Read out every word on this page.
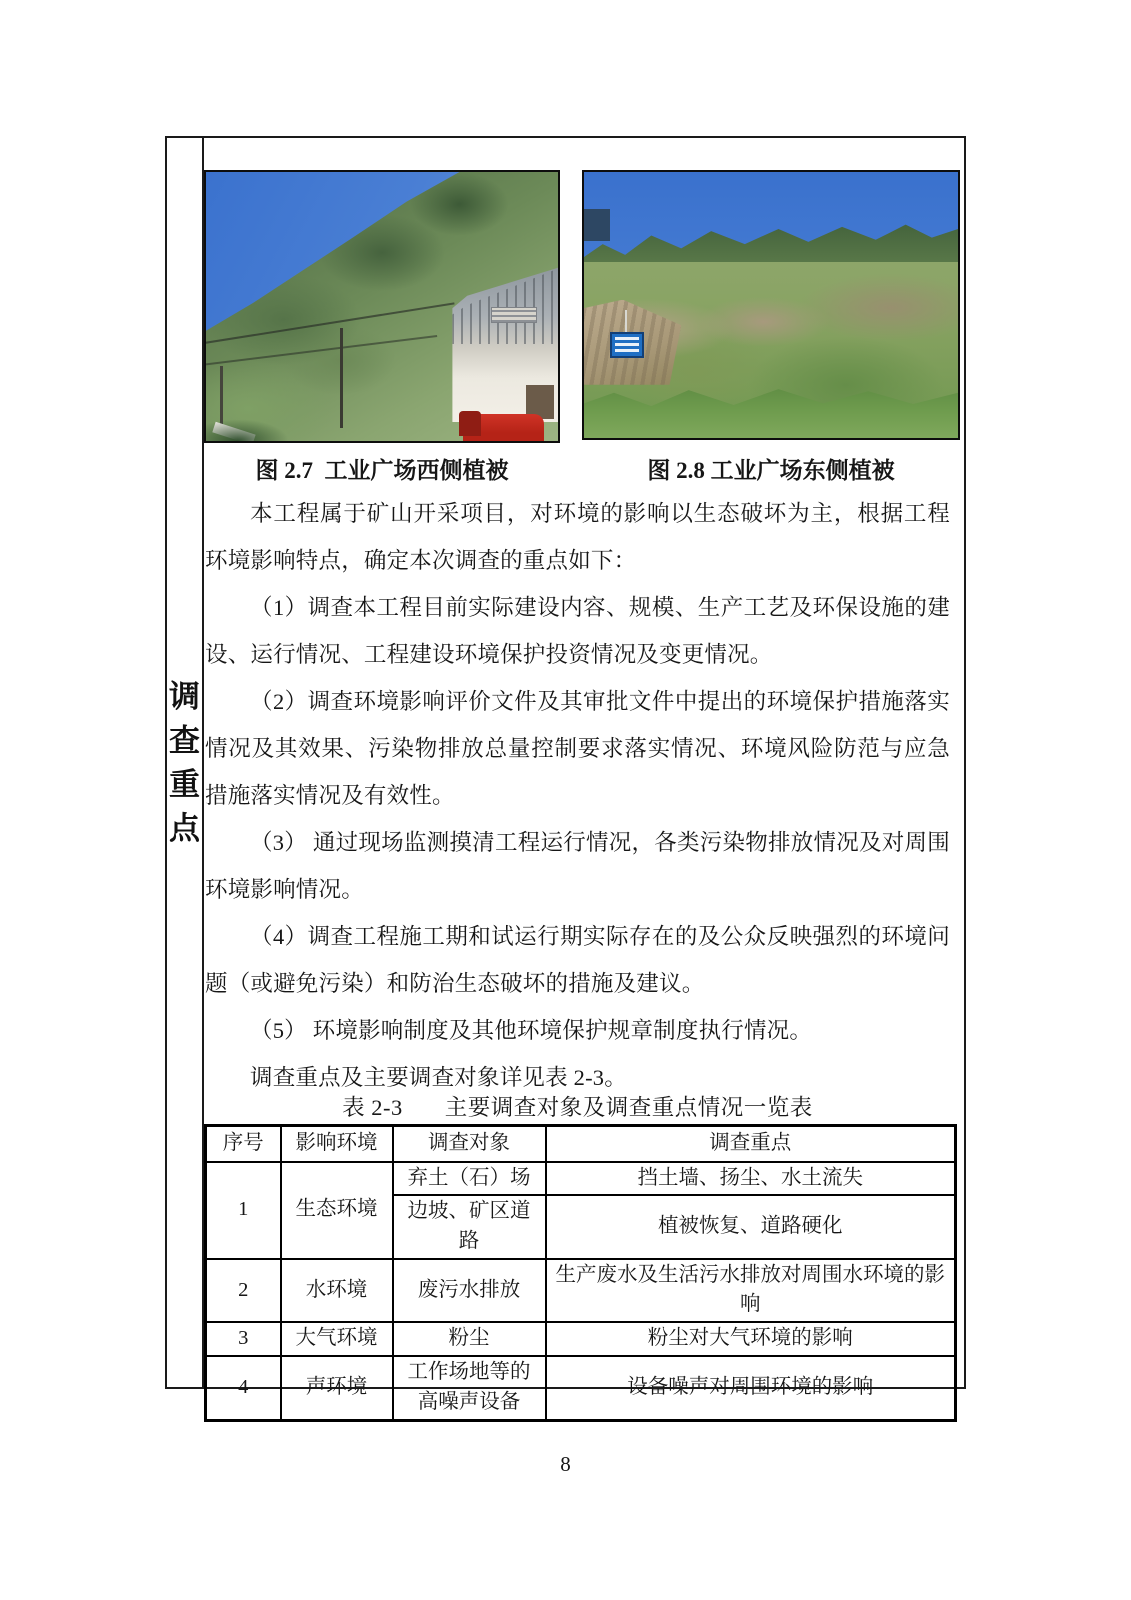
调
查
重
点
图 2.7  工业广场西侧植被	图 2.8 工业广场东侧植被

本工程属于矿山开采项目，对环境的影响以生态破坏为主，根据工程环境影响特点，确定本次调查的重点如下：

（1）调查本工程目前实际建设内容、规模、生产工艺及环保设施的建设、运行情况、工程建设环境保护投资情况及变更情况。

（2）调查环境影响评价文件及其审批文件中提出的环境保护措施落实情况及其效果、污染物排放总量控制要求落实情况、环境风险防范与应急措施落实情况及有效性。

（3） 通过现场监测摸清工程运行情况，各类污染物排放情况及对周围环境影响情况。

（4）调查工程施工期和试运行期实际存在的及公众反映强烈的环境问题（或避免污染）和防治生态破坏的措施及建议。

（5） 环境影响制度及其他环境保护规章制度执行情况。

调查重点及主要调查对象详见表 2-3。

表 2-3 主要调查对象及调查重点情况一览表
序号	影响环境	调查对象	调查重点
1	生态环境	弃土（石）场	挡土墙、扬尘、水土流失
		边坡、矿区道路	植被恢复、道路硬化
2	水环境	废污水排放	生产废水及生活污水排放对周围水环境的影响
3	大气环境	粉尘	粉尘对大气环境的影响
4	声环境	工作场地等的高噪声设备	设备噪声对周围环境的影响
8
